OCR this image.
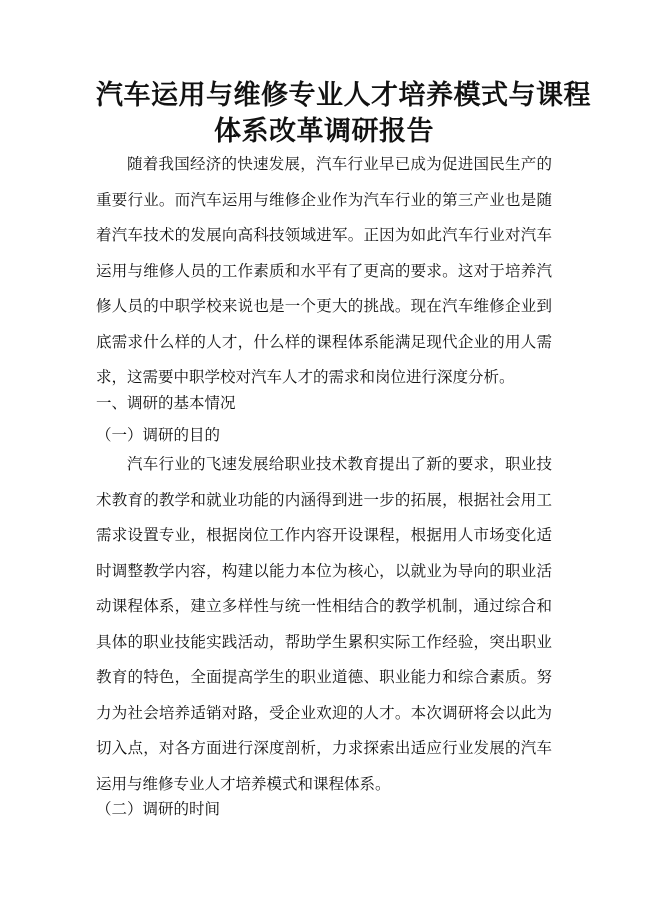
汽车运用与维修专业人才培养模式与课程
体系改革调研报告

随着我国经济的快速发展，汽车行业早已成为促进国民生产的重要行业。而汽车运用与维修企业作为汽车行业的第三产业也是随着汽车技术的发展向高科技领域进军。正因为如此汽车行业对汽车运用与维修人员的工作素质和水平有了更高的要求。这对于培养汽修人员的中职学校来说也是一个更大的挑战。现在汽车维修企业到底需求什么样的人才，什么样的课程体系能满足现代企业的用人需求，这需要中职学校对汽车人才的需求和岗位进行深度分析。

一、调研的基本情况

（一）调研的目的

汽车行业的飞速发展给职业技术教育提出了新的要求，职业技术教育的教学和就业功能的内涵得到进一步的拓展，根据社会用工需求设置专业，根据岗位工作内容开设课程，根据用人市场变化适时调整教学内容，构建以能力本位为核心，以就业为导向的职业活动课程体系，建立多样性与统一性相结合的教学机制，通过综合和具体的职业技能实践活动，帮助学生累积实际工作经验，突出职业教育的特色，全面提高学生的职业道德、职业能力和综合素质。努力为社会培养适销对路，受企业欢迎的人才。本次调研将会以此为切入点，对各方面进行深度剖析，力求探索出适应行业发展的汽车运用与维修专业人才培养模式和课程体系。

（二）调研的时间
